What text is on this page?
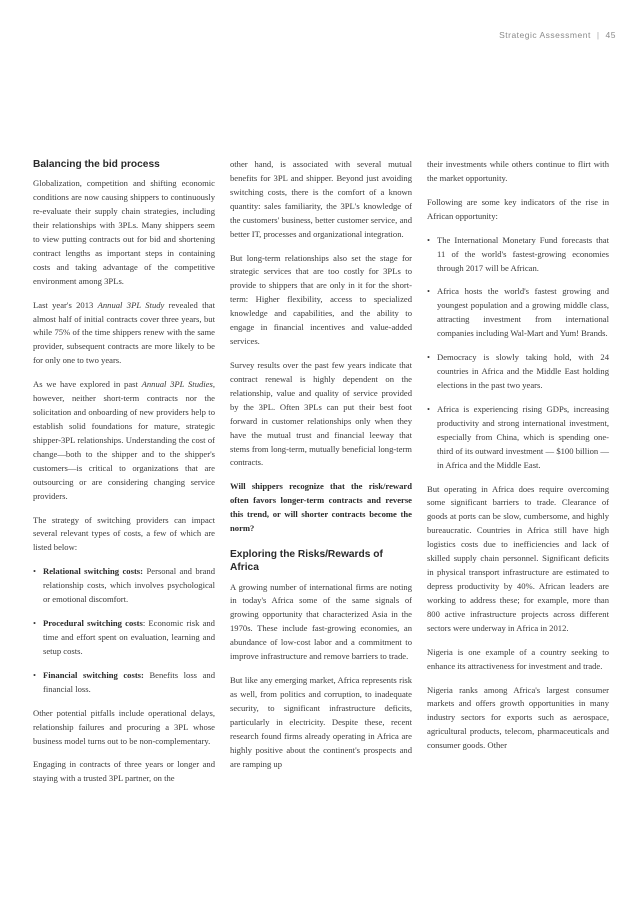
Strategic Assessment | 45
Balancing the bid process

Globalization, competition and shifting economic conditions are now causing shippers to continuously re-evaluate their supply chain strategies, including their relationships with 3PLs. Many shippers seem to view putting contracts out for bid and shortening contract lengths as important steps in containing costs and taking advantage of the competitive environment among 3PLs.

Last year's 2013 Annual 3PL Study revealed that almost half of initial contracts cover three years, but while 75% of the time shippers renew with the same provider, subsequent contracts are more likely to be for only one to two years.

As we have explored in past Annual 3PL Studies, however, neither short-term contracts nor the solicitation and onboarding of new providers help to establish solid foundations for mature, strategic shipper-3PL relationships. Understanding the cost of change—both to the shipper and to the shipper's customers—is critical to organizations that are outsourcing or are considering changing service providers.

The strategy of switching providers can impact several relevant types of costs, a few of which are listed below:

• Relational switching costs: Personal and brand relationship costs, which involves psychological or emotional discomfort.
• Procedural switching costs: Economic risk and time and effort spent on evaluation, learning and setup costs.
• Financial switching costs: Benefits loss and financial loss.

Other potential pitfalls include operational delays, relationship failures and procuring a 3PL whose business model turns out to be non-complementary.

Engaging in contracts of three years or longer and staying with a trusted 3PL partner, on the

other hand, is associated with several mutual benefits for 3PL and shipper. Beyond just avoiding switching costs, there is the comfort of a known quantity: sales familiarity, the 3PL's knowledge of the customers' business, better customer service, and better IT, processes and organizational integration.

But long-term relationships also set the stage for strategic services that are too costly for 3PLs to provide to shippers that are only in it for the short-term: Higher flexibility, access to specialized knowledge and capabilities, and the ability to engage in financial incentives and value-added services.

Survey results over the past few years indicate that contract renewal is highly dependent on the relationship, value and quality of service provided by the 3PL. Often 3PLs can put their best foot forward in customer relationships only when they have the mutual trust and financial leeway that stems from long-term, mutually beneficial long-term contracts.

Will shippers recognize that the risk/reward often favors longer-term contracts and reverse this trend, or will shorter contracts become the norm?

Exploring the Risks/Rewards of Africa

A growing number of international firms are noting in today's Africa some of the same signals of growing opportunity that characterized Asia in the 1970s. These include fast-growing economies, an abundance of low-cost labor and a commitment to improve infrastructure and remove barriers to trade.

But like any emerging market, Africa represents risk as well, from politics and corruption, to inadequate security, to significant infrastructure deficits, particularly in electricity. Despite these, recent research found firms already operating in Africa are highly positive about the continent's prospects and are ramping up

their investments while others continue to flirt with the market opportunity.

Following are some key indicators of the rise in African opportunity:

• The International Monetary Fund forecasts that 11 of the world's fastest-growing economies through 2017 will be African.
• Africa hosts the world's fastest growing and youngest population and a growing middle class, attracting investment from international companies including Wal-Mart and Yum! Brands.
• Democracy is slowly taking hold, with 24 countries in Africa and the Middle East holding elections in the past two years.
• Africa is experiencing rising GDPs, increasing productivity and strong international investment, especially from China, which is spending one-third of its outward investment — $100 billion — in Africa and the Middle East.

But operating in Africa does require overcoming some significant barriers to trade. Clearance of goods at ports can be slow, cumbersome, and highly bureaucratic. Countries in Africa still have high logistics costs due to inefficiencies and lack of skilled supply chain personnel. Significant deficits in physical transport infrastructure are estimated to depress productivity by 40%. African leaders are working to address these; for example, more than 800 active infrastructure projects across different sectors were underway in Africa in 2012.

Nigeria is one example of a country seeking to enhance its attractiveness for investment and trade.

Nigeria ranks among Africa's largest consumer markets and offers growth opportunities in many industry sectors for exports such as aerospace, agricultural products, telecom, pharmaceuticals and consumer goods. Other
